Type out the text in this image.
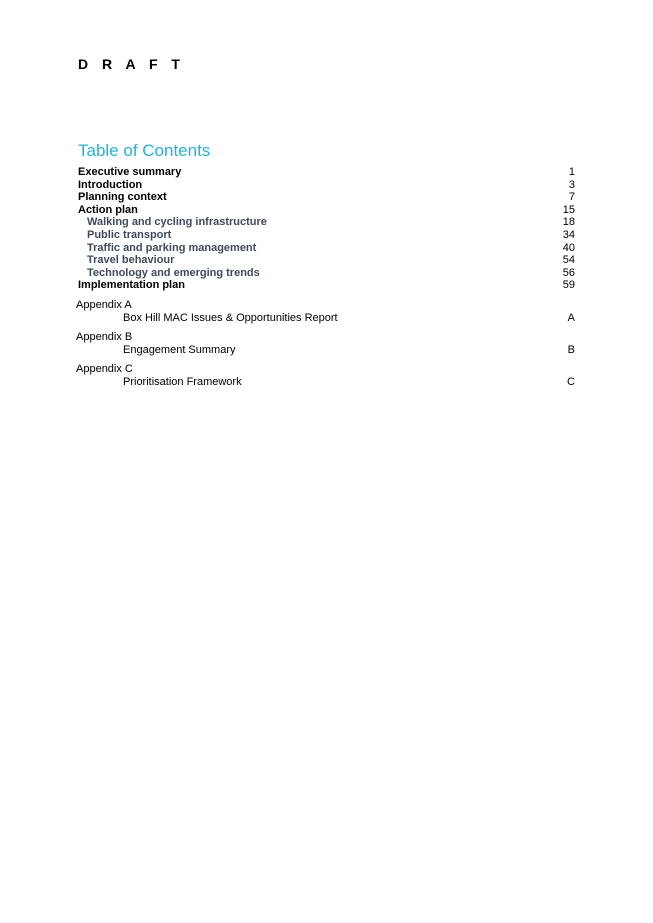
D R A F T
Table of Contents
Executive summary	1
Introduction	3
Planning context	7
Action plan	15
Walking and cycling infrastructure	18
Public transport	34
Traffic and parking management	40
Travel behaviour	54
Technology and emerging trends	56
Implementation plan	59
Appendix A
Box Hill MAC Issues & Opportunities Report	A
Appendix B
Engagement Summary	B
Appendix C
Prioritisation Framework	C
